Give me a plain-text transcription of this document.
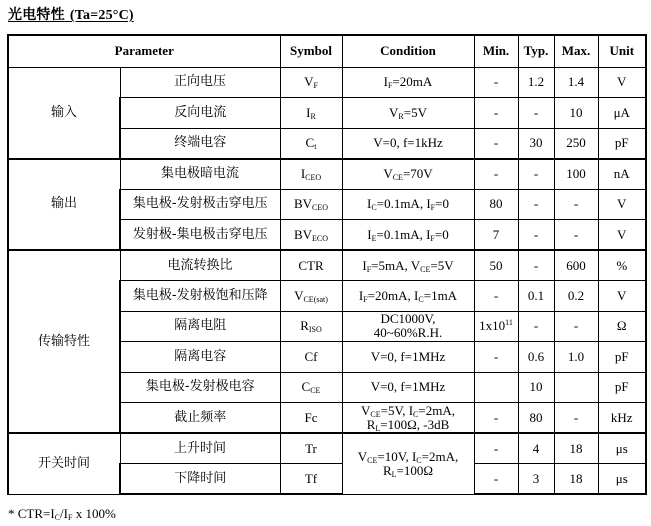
光电特性 (Ta=25°C)
Parameter		Symbol	Condition	Min.	Typ.	Max.	Unit
输入	正向电压	$V_F$	$I_F=20mA$	-	1.2	1.4	V
	反向电流	$I_R$	$V_R=5V$	-	-	10	μA
	终端电容	$C_t$	V=0, f=1kHz	-	30	250	pF
输出	集电极暗电流	$I_{CEO}$	$V_{CE}=70V$	-	-	100	nA
	集电极-发射极击穿电压	$BV_{CEO}$	$I_C=0.1mA$, $I_F=0$	80	-	-	V
	发射极-集电极击穿电压	$BV_{ECO}$	$I_E=0.1mA$, $I_F=0$	7	-	-	V
传输特性	电流转换比	CTR	$I_F=5mA$, $V_{CE}=5V$	50	-	600	%
	集电极-发射极饱和压降	$V_{CE(sat)}$	$I_F=20mA$, $I_C=1mA$	-	0.1	0.2	V
	隔离电阻	$R_{ISO}$	DC1000V,
40~60%R.H.	$1x10^{11}$	-	-	Ω
	隔离电容	Cf	V=0, f=1MHz	-	0.6	1.0	pF
	集电极-发射极电容	$C_{CE}$	V=0, f=1MHz		10		pF
	截止频率	Fc	$V_{CE}=5V$, $I_C=2mA$,
$R_L=100\Omega$, -3dB	-	80	-	kHz
开关时间	上升时间	Tr	$V_{CE}=10V$, $I_C=2mA$,
$R_L=100\Omega$	-	4	18	μs
	下降时间	Tf		-	3	18	μs
* $CTR=I_C/I_F$ x 100%
